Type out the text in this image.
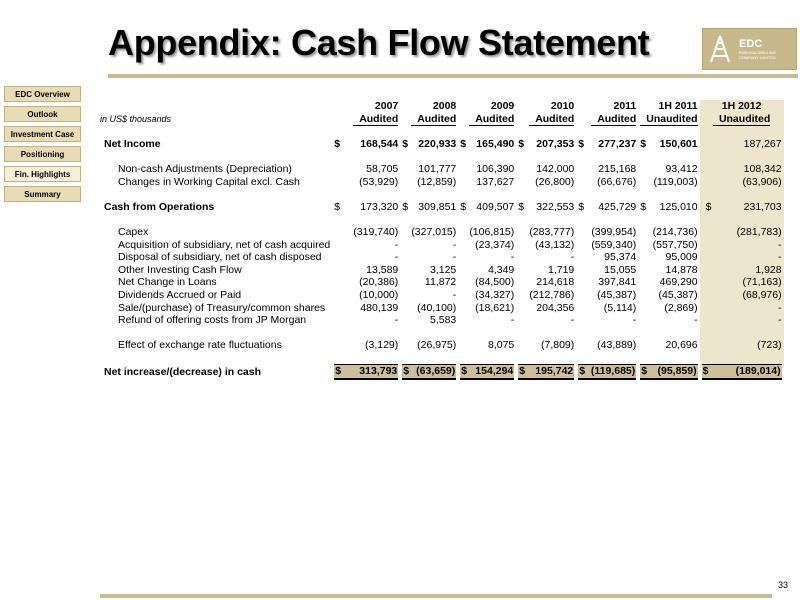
Appendix: Cash Flow Statement	EDC
EURASIA DRILLING
COMPANY LIMITED
EDC Overview
Outlook
Investment Case
Positioning
Fin. Highlights
Summary
	2007	2008	2009	2010	2011	1H 2011	1H 2012
in US$ thousands	Audited	Audited	Audited	Audited	Audited	Unaudited	Unaudited

Net Income	$ 168,544	$ 220,933	$ 165,490	$ 207,353	$ 277,237	$ 150,601	187,267

Non-cash Adjustments (Depreciation)	58,705	101,777	106,390	142,000	215,168	93,412	108,342
Changes in Working Capital excl. Cash	(53,929)	(12,859)	137,627	(26,800)	(66,676)	(119,003)	(63,906)

Cash from Operations	$ 173,320	$ 309,851	$ 409,507	$ 322,553	$ 425,729	$ 125,010	$ 231,703

Capex	(319,740)	(327,015)	(106,815)	(283,777)	(399,954)	(214,736)	(281,783)
Acquisition of subsidiary, net of cash acquired	-	-	(23,374)	(43,132)	(559,340)	(557,750)	-
Disposal of subsidiary, net of cash disposed	-	-	-	-	95,374	95,009	-
Other Investing Cash Flow	13,589	3,125	4,349	1,719	15,055	14,878	1,928
Net Change in Loans	(20,386)	11,872	(84,500)	214,618	397,841	469,290	(71,163)
Dividends Accrued or Paid	(10,000)	-	(34,327)	(212,786)	(45,387)	(45,387)	(68,976)
Sale/(purchase) of Treasury/common shares	480,139	(40,100)	(18,621)	204,356	(5,114)	(2,869)	-
Refund of offering costs from JP Morgan	-	5,583	-	-	-	-	-

Effect of exchange rate fluctuations	(3,129)	(26,975)	8,075	(7,809)	(43,889)	20,696	(723)

Net increase/(decrease) in cash	$ 313,793	$ (63,659)	$ 154,294	$ 195,742	$ (119,685)	$ (95,859)	$ (189,014)
33
